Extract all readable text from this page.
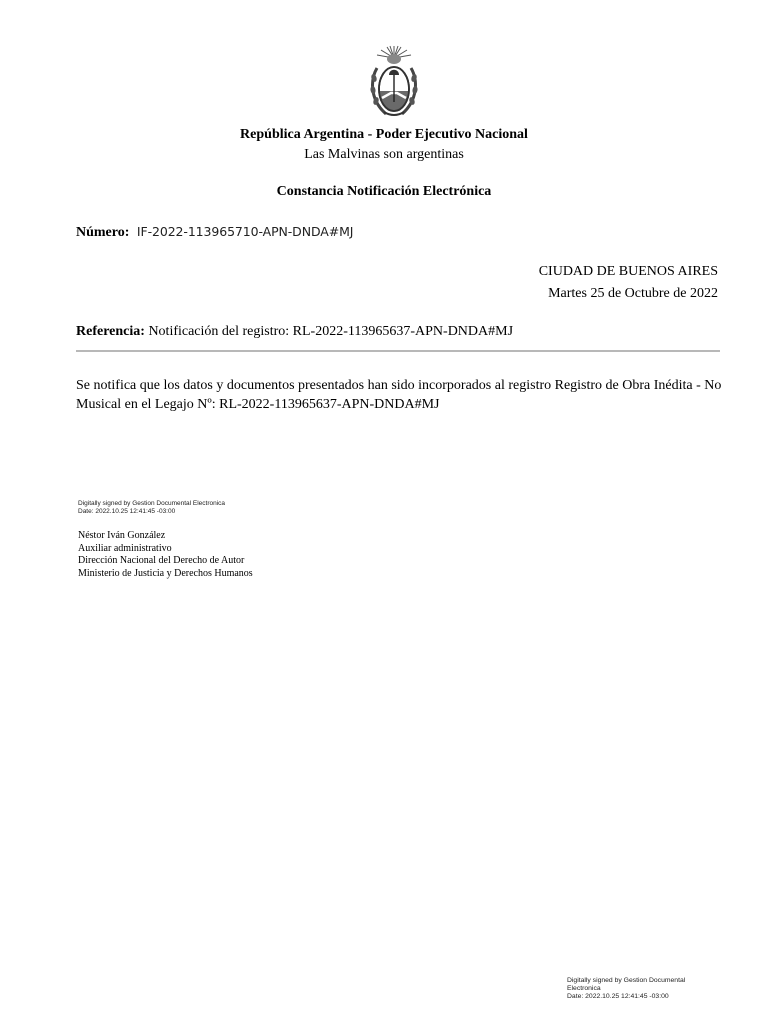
República Argentina - Poder Ejecutivo Nacional
Las Malvinas son argentinas
Constancia Notificación Electrónica
Número: IF-2022-113965710-APN-DNDA#MJ
CIUDAD DE BUENOS AIRES
Martes 25 de Octubre de 2022
Referencia: Notificación del registro: RL-2022-113965637-APN-DNDA#MJ
Se notifica que los datos y documentos presentados han sido incorporados al registro Registro de Obra Inédita - No Musical en el Legajo Nº: RL-2022-113965637-APN-DNDA#MJ
Digitally signed by Gestion Documental Electronica
Date: 2022.10.25 12:41:45 -03:00
Néstor Iván González
Auxiliar administrativo
Dirección Nacional del Derecho de Autor
Ministerio de Justicia y Derechos Humanos
Digitally signed by Gestion Documental
Electronica
Date: 2022.10.25 12:41:45 -03:00
